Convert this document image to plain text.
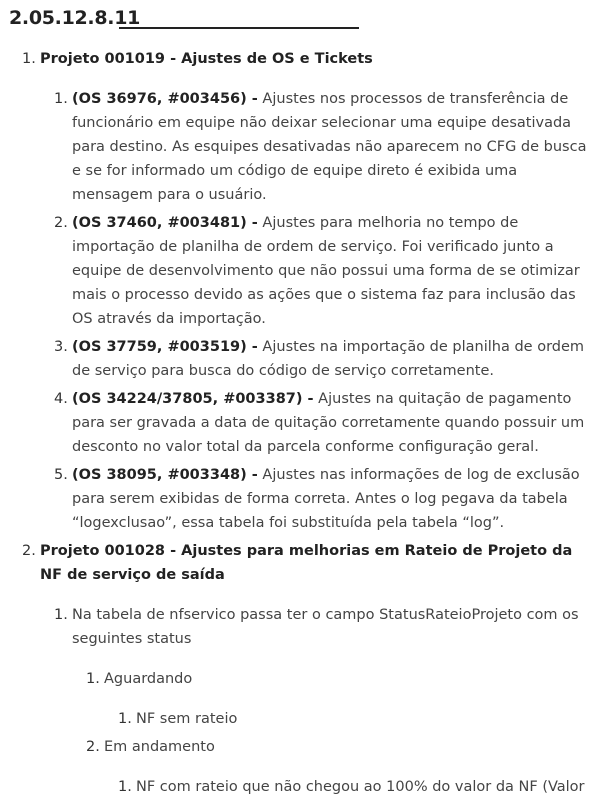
2.05.12.8.11
1. Projeto 001019 - Ajustes de OS e Tickets
1. (OS 36976, #003456) - Ajustes nos processos de transferência de funcionário em equipe não deixar selecionar uma equipe desativada para destino. As esquipes desativadas não aparecem no CFG de busca e se for informado um código de equipe direto é exibida uma mensagem para o usuário.
2. (OS 37460, #003481) - Ajustes para melhoria no tempo de importação de planilha de ordem de serviço. Foi verificado junto a equipe de desenvolvimento que não possui uma forma de se otimizar mais o processo devido as ações que o sistema faz para inclusão das OS através da importação.
3. (OS 37759, #003519) - Ajustes na importação de planilha de ordem de serviço para busca do código de serviço corretamente.
4. (OS 34224/37805, #003387) - Ajustes na quitação de pagamento para ser gravada a data de quitação corretamente quando possuir um desconto no valor total da parcela conforme configuração geral.
5. (OS 38095, #003348) - Ajustes nas informações de log de exclusão para serem exibidas de forma correta. Antes o log pegava da tabela “logexclusao”, essa tabela foi substituída pela tabela “log”.
2. Projeto 001028 - Ajustes para melhorias em Rateio de Projeto da NF de serviço de saída
1. Na tabela de nfservico passa ter o campo StatusRateioProjeto com os seguintes status
1. Aguardando
1. NF sem rateio
2. Em andamento
1. NF com rateio que não chegou ao 100% do valor da NF (Valor
